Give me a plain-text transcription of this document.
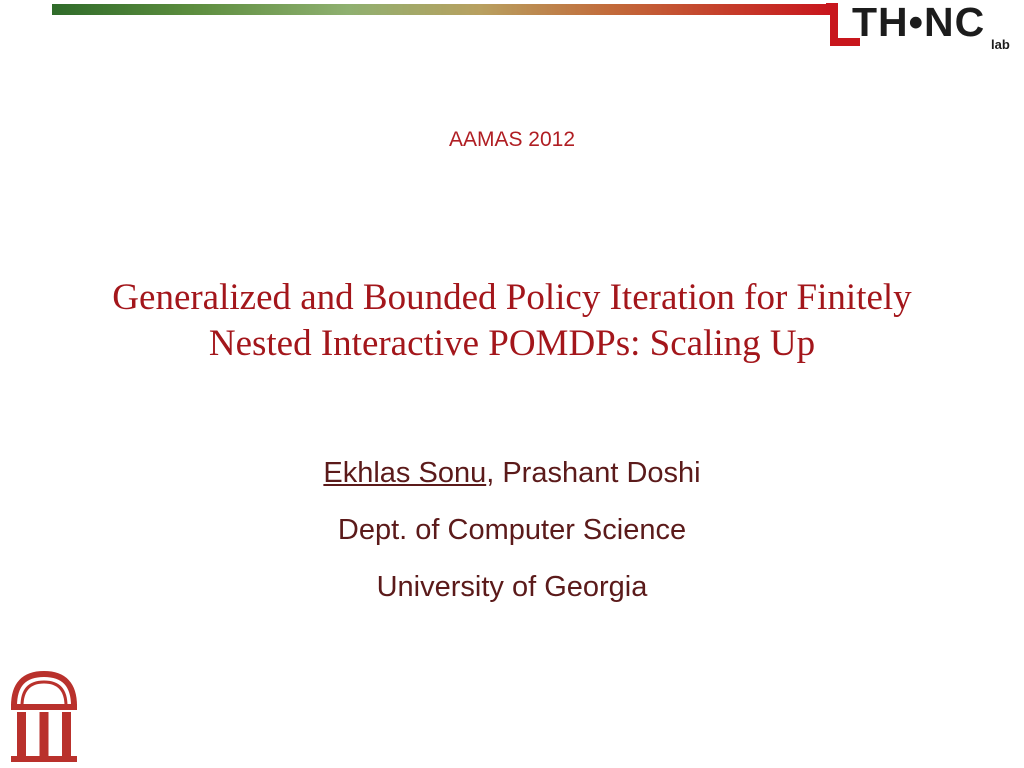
TH•NC lab
AAMAS 2012
Generalized and Bounded Policy Iteration for Finitely
Nested Interactive POMDPs: Scaling Up
Ekhlas Sonu, Prashant Doshi
Dept. of Computer Science
University of Georgia
